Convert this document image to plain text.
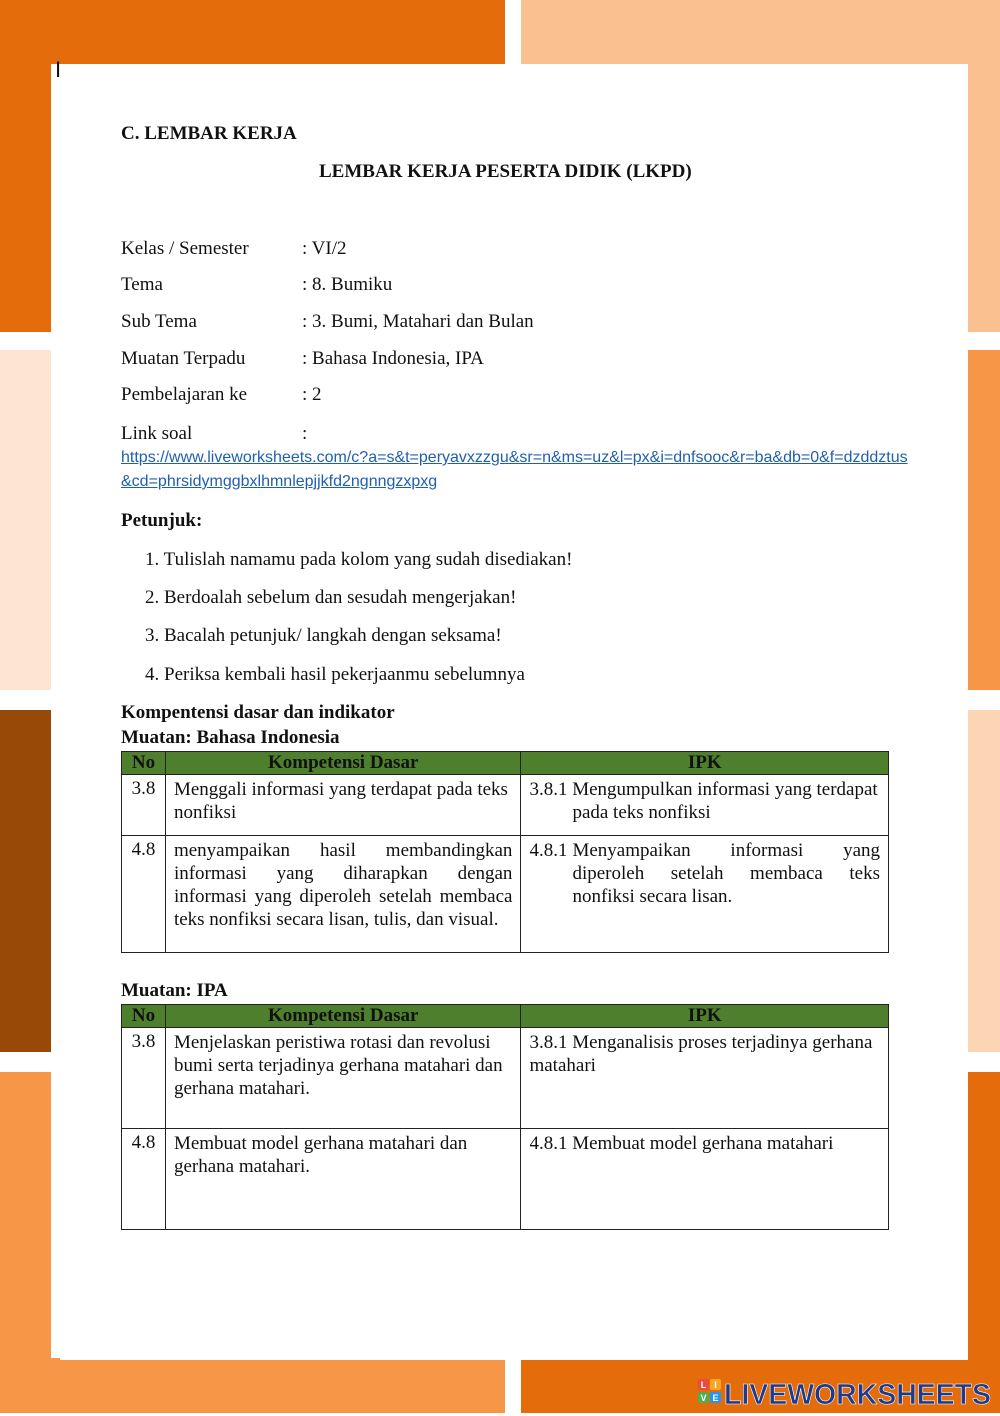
I
C. LEMBAR KERJA
LEMBAR KERJA PESERTA DIDIK (LKPD)
Kelas / Semester	: VI/2
Tema	: 8. Bumiku
Sub Tema	: 3. Bumi, Matahari dan Bulan
Muatan Terpadu	: Bahasa Indonesia, IPA
Pembelajaran ke	: 2
Link soal	:
https://www.liveworksheets.com/c?a=s&t=peryavxzzgu&sr=n&ms=uz&l=px&i=dnfsooc&r=ba&db=0&f=dzddztus&cd=phrsidymggbxlhmnlepjjkfd2ngnngzxpxg
Petunjuk:
1. Tulislah namamu pada kolom yang sudah disediakan!
2. Berdoalah sebelum dan sesudah mengerjakan!
3. Bacalah petunjuk/ langkah dengan seksama!
4. Periksa kembali hasil pekerjaanmu sebelumnya
Kompentensi dasar dan indikator
Muatan: Bahasa Indonesia
No	Kompetensi Dasar	IPK
3.8	Menggali informasi yang terdapat pada teks nonfiksi	3.8.1 Mengumpulkan informasi yang terdapat pada teks nonfiksi

4.8	menyampaikan hasil membandingkan informasi yang diharapkan dengan informasi yang diperoleh setelah membaca teks nonfiksi secara lisan, tulis, dan visual.	4.8.1 Menyampaikan informasi yang diperoleh setelah membaca teks nonfiksi secara lisan.
Muatan: IPA
No	Kompetensi Dasar	IPK
3.8	Menjelaskan peristiwa rotasi dan revolusi bumi serta terjadinya gerhana matahari dan gerhana matahari.	3.8.1 Menganalisis proses terjadinya gerhana matahari
4.8	Membuat model gerhana matahari dan gerhana matahari.	4.8.1 Membuat model gerhana matahari
L I
V E LIVEWORKSHEETS
